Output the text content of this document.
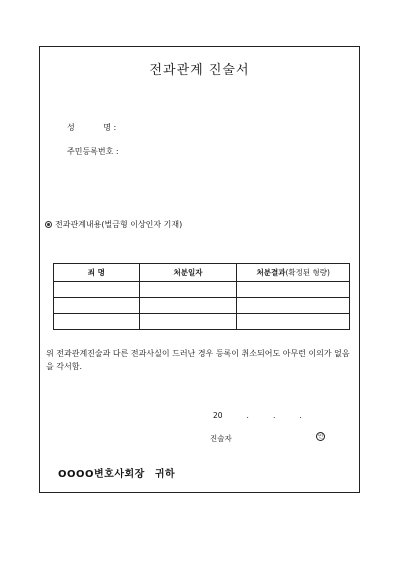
전과관계 진술서
성	명 :
주민등록번호 :
전과관계내용(벌금형 이상인자 기재)
죄 명	처분일자	처분결과(확정된 형량)

위 전과관계진술과 다른 전과사실이 드러난 경우 등록이 취소되어도 아무런 이의가 없음을 각서함.
20	.	.	.
진술자	인
OOOO변호사회장 귀하
